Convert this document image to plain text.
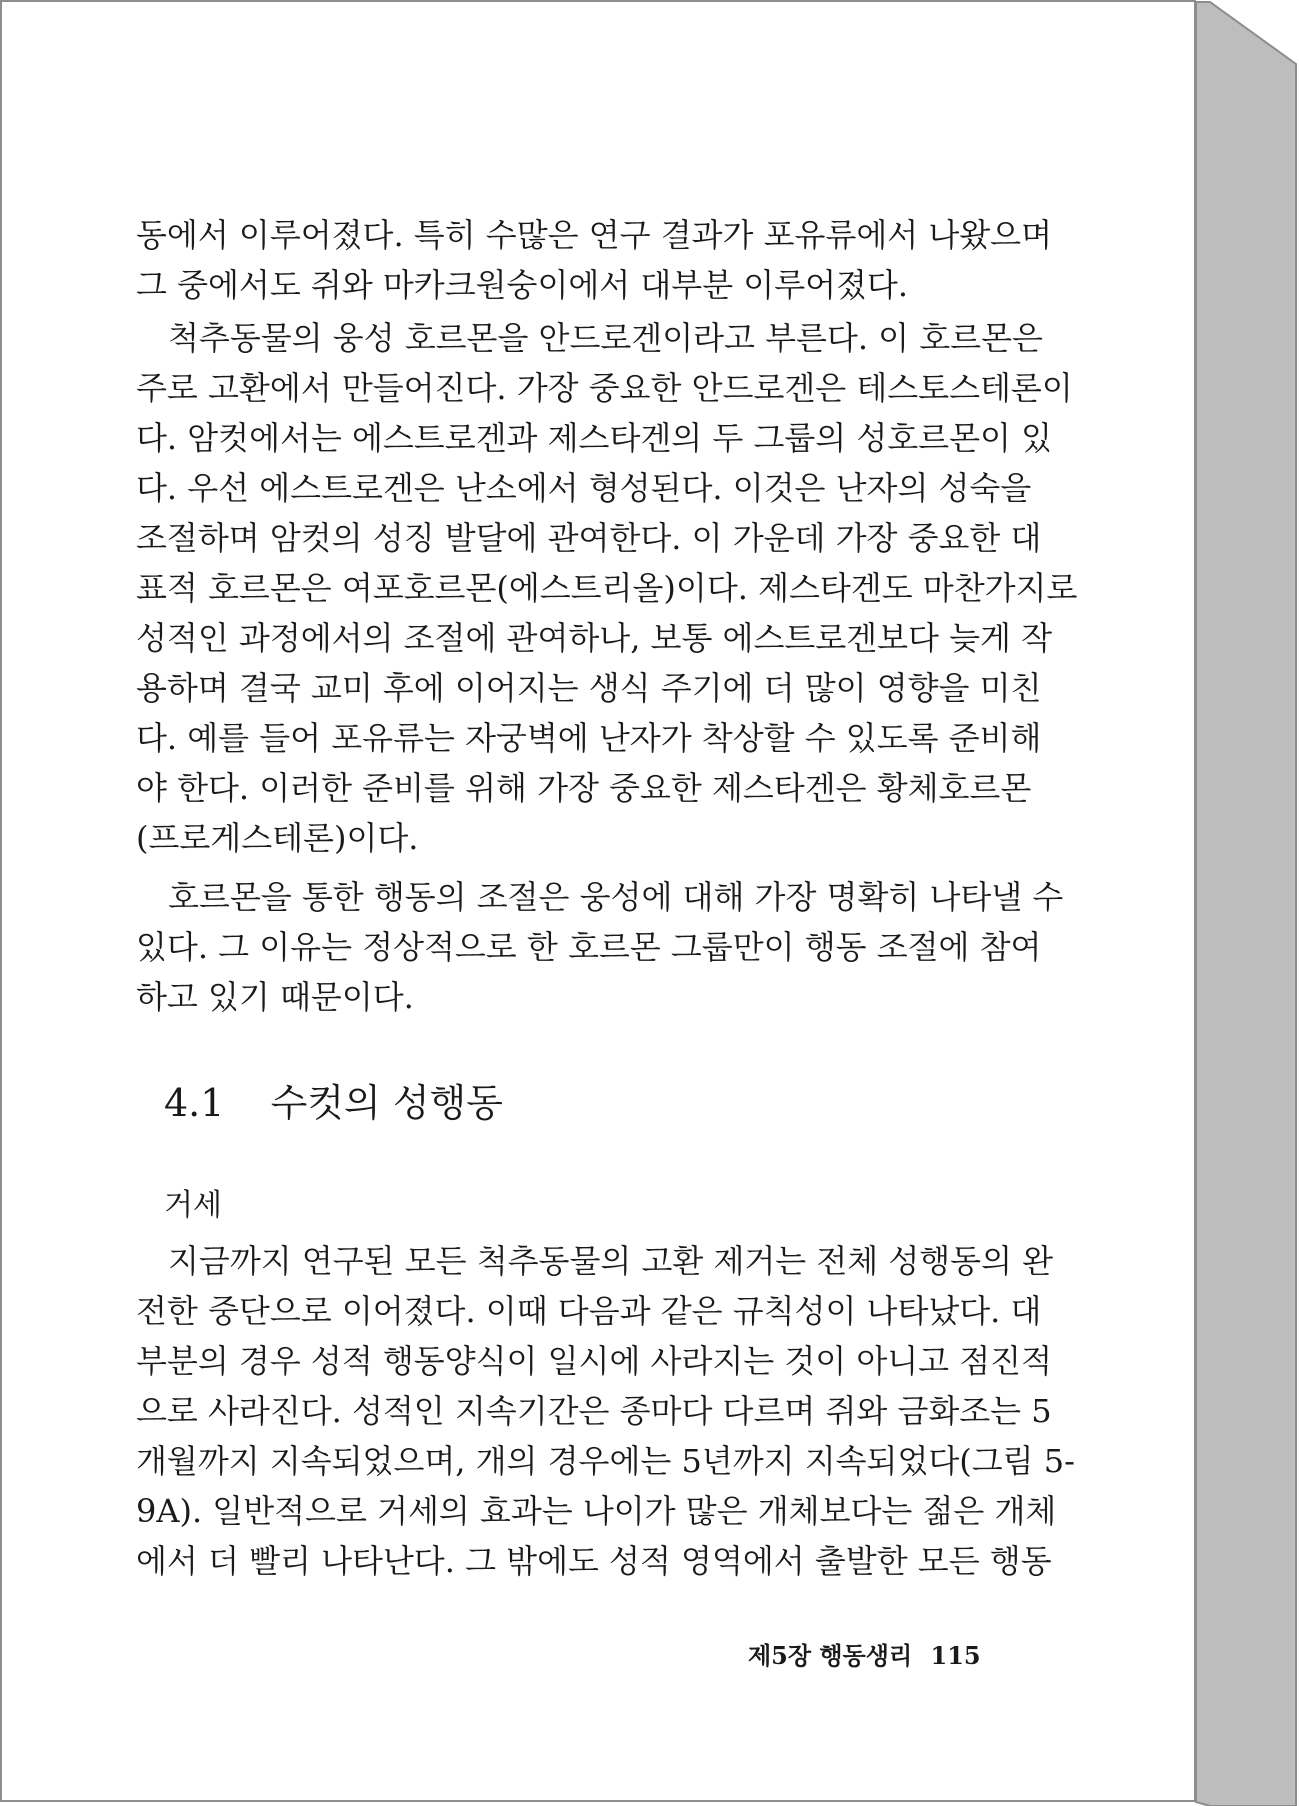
동에서 이루어졌다. 특히 수많은 연구 결과가 포유류에서 나왔으며
그 중에서도 쥐와 마카크원숭이에서 대부분 이루어졌다.
척추동물의 웅성 호르몬을 안드로겐이라고 부른다. 이 호르몬은
주로 고환에서 만들어진다. 가장 중요한 안드로겐은 테스토스테론이
다. 암컷에서는 에스트로겐과 제스타겐의 두 그룹의 성호르몬이 있
다. 우선 에스트로겐은 난소에서 형성된다. 이것은 난자의 성숙을
조절하며 암컷의 성징 발달에 관여한다. 이 가운데 가장 중요한 대
표적 호르몬은 여포호르몬(에스트리올)이다. 제스타겐도 마찬가지로
성적인 과정에서의 조절에 관여하나, 보통 에스트로겐보다 늦게 작
용하며 결국 교미 후에 이어지는 생식 주기에 더 많이 영향을 미친
다. 예를 들어 포유류는 자궁벽에 난자가 착상할 수 있도록 준비해
야 한다. 이러한 준비를 위해 가장 중요한 제스타겐은 황체호르몬
(프로게스테론)이다.
호르몬을 통한 행동의 조절은 웅성에 대해 가장 명확히 나타낼 수
있다. 그 이유는 정상적으로 한 호르몬 그룹만이 행동 조절에 참여
하고 있기 때문이다.
4.1 수컷의 성행동
거세
지금까지 연구된 모든 척추동물의 고환 제거는 전체 성행동의 완
전한 중단으로 이어졌다. 이때 다음과 같은 규칙성이 나타났다. 대
부분의 경우 성적 행동양식이 일시에 사라지는 것이 아니고 점진적
으로 사라진다. 성적인 지속기간은 종마다 다르며 쥐와 금화조는 5
개월까지 지속되었으며, 개의 경우에는 5년까지 지속되었다(그림 5-
9A). 일반적으로 거세의 효과는 나이가 많은 개체보다는 젊은 개체
에서 더 빨리 나타난다. 그 밖에도 성적 영역에서 출발한 모든 행동
제5장 행동생리 115
